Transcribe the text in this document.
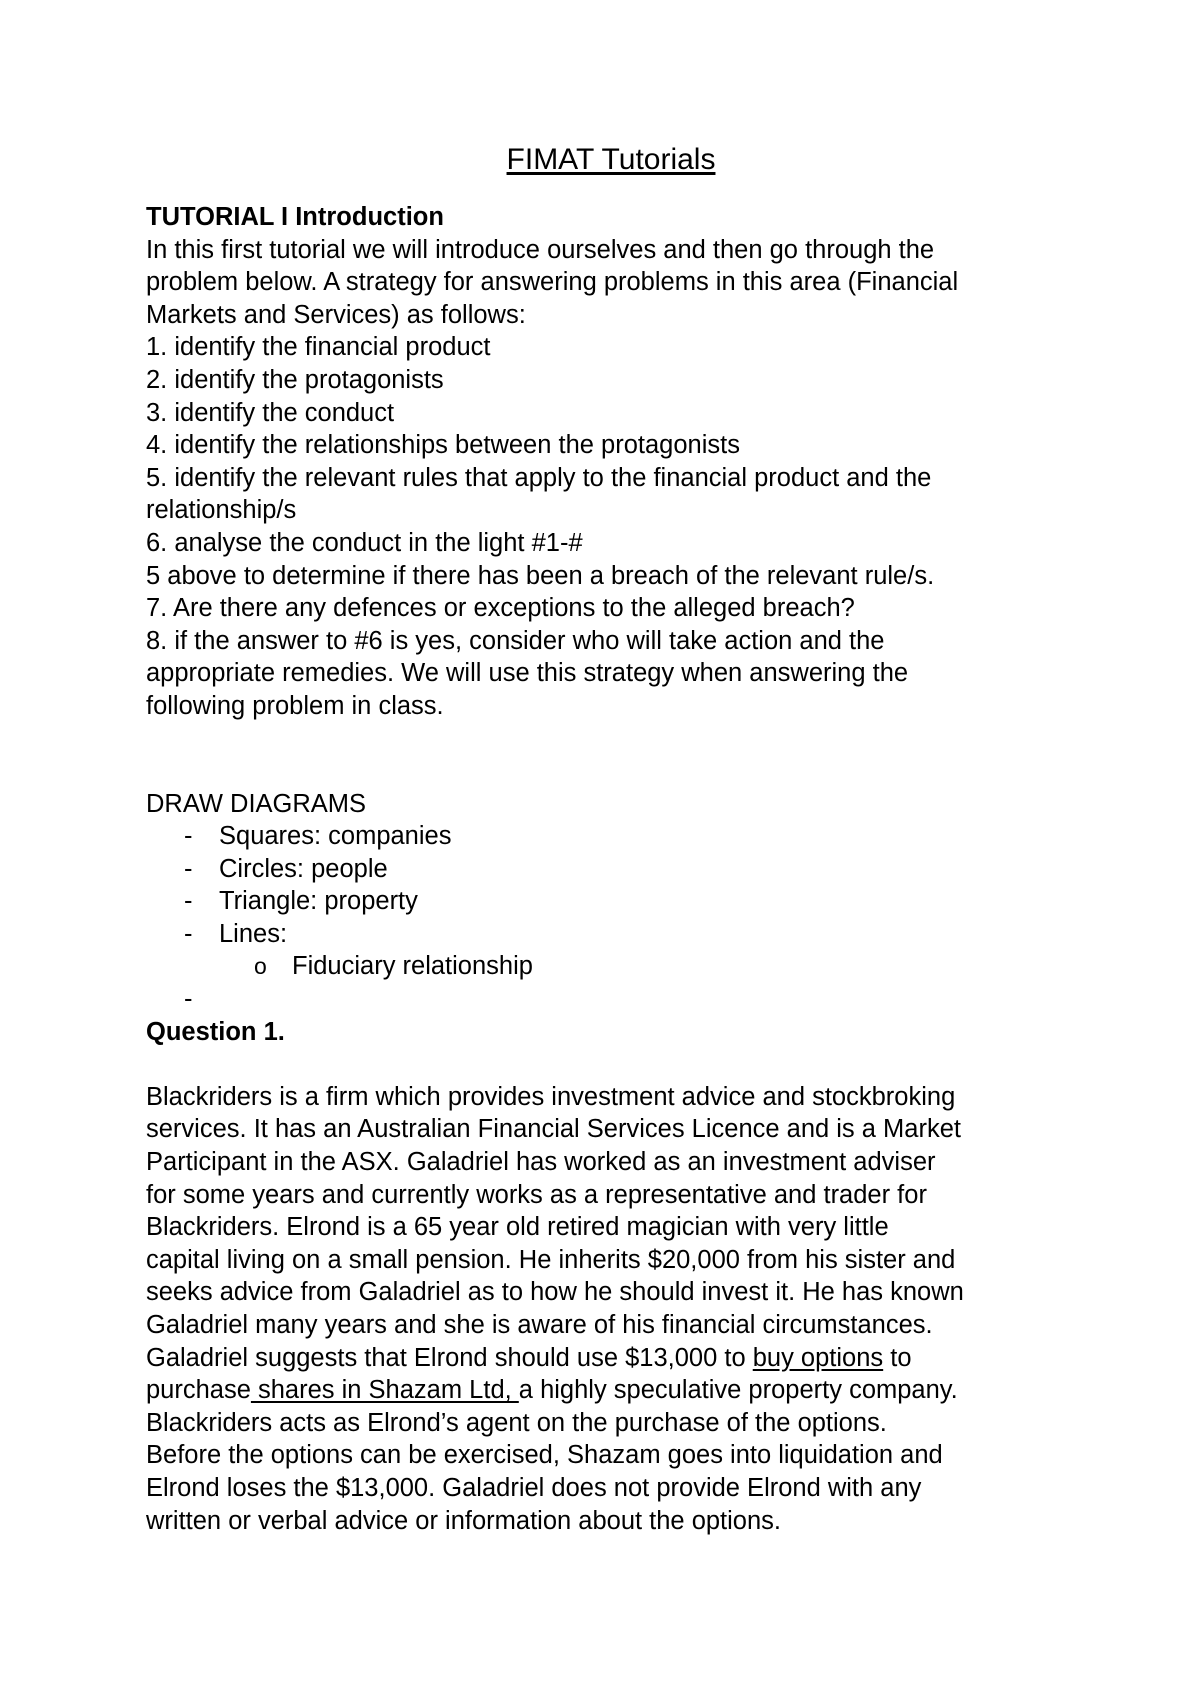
FIMAT Tutorials
TUTORIAL I Introduction
In this first tutorial we will introduce ourselves and then go through the
problem below. A strategy for answering problems in this area (Financial
Markets and Services) as follows:
1. identify the financial product
2. identify the protagonists
3. identify the conduct
4. identify the relationships between the protagonists
5. identify the relevant rules that apply to the financial product and the
relationship/s
6. analyse the conduct in the light #1-#
5 above to determine if there has been a breach of the relevant rule/s.
7. Are there any defences or exceptions to the alleged breach?
8. if the answer to #6 is yes, consider who will take action and the
appropriate remedies. We will use this strategy when answering the
following problem in class.
DRAW DIAGRAMS
- Squares: companies
- Circles: people
- Triangle: property
- Lines:
o Fiduciary relationship
-

Question 1.
Blackriders is a firm which provides investment advice and stockbroking
services. It has an Australian Financial Services Licence and is a Market
Participant in the ASX. Galadriel has worked as an investment adviser
for some years and currently works as a representative and trader for
Blackriders. Elrond is a 65 year old retired magician with very little
capital living on a small pension. He inherits $20,000 from his sister and
seeks advice from Galadriel as to how he should invest it. He has known
Galadriel many years and she is aware of his financial circumstances.
Galadriel suggests that Elrond should use $13,000 to buy options to
purchase shares in Shazam Ltd, a highly speculative property company.
Blackriders acts as Elrond’s agent on the purchase of the options.
Before the options can be exercised, Shazam goes into liquidation and
Elrond loses the $13,000. Galadriel does not provide Elrond with any
written or verbal advice or information about the options.
